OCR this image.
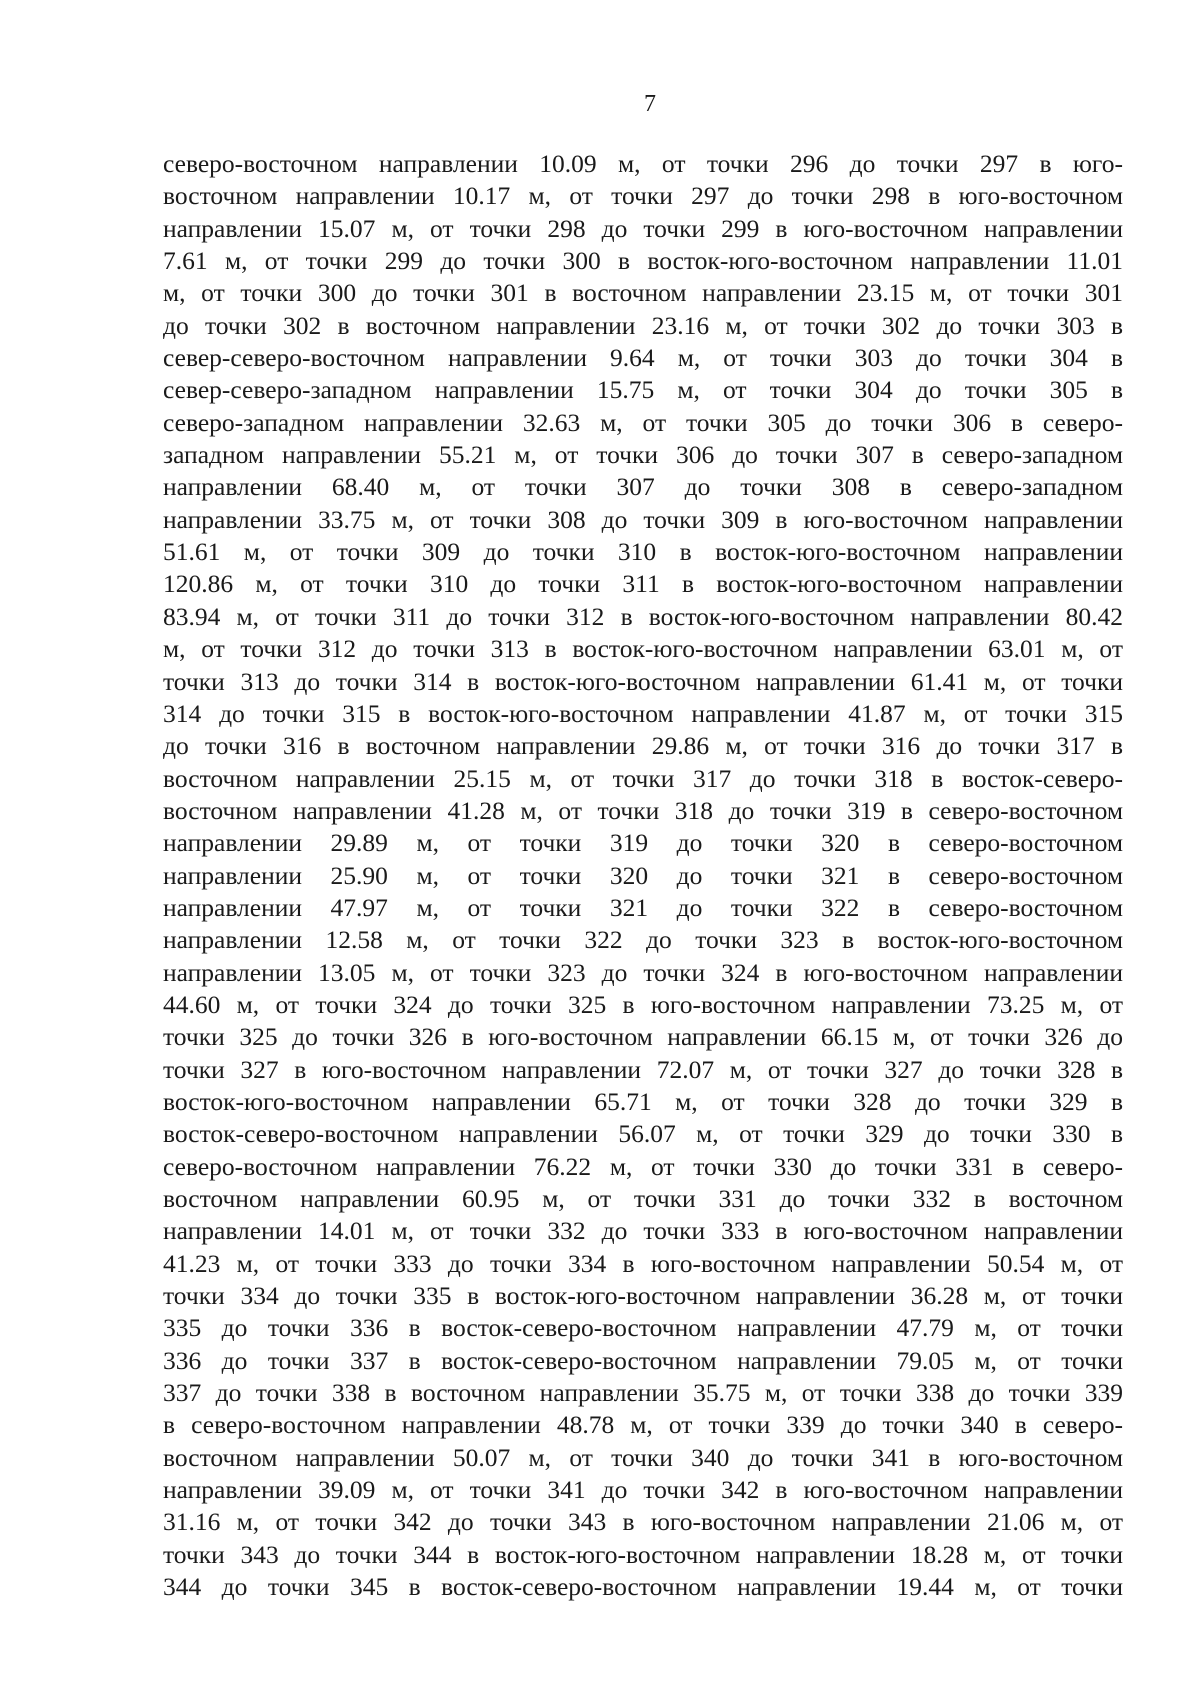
7
северо-восточном направлении 10.09 м, от точки 296 до точки 297 в юго-
восточном направлении 10.17 м, от точки 297 до точки 298 в юго-восточном
направлении 15.07 м, от точки 298 до точки 299 в юго-восточном направлении
7.61 м, от точки 299 до точки 300 в восток-юго-восточном направлении 11.01
м, от точки 300 до точки 301 в восточном направлении 23.15 м, от точки 301
до точки 302 в восточном направлении 23.16 м, от точки 302 до точки 303 в
север-северо-восточном направлении 9.64 м, от точки 303 до точки 304 в
север-северо-западном направлении 15.75 м, от точки 304 до точки 305 в
северо-западном направлении 32.63 м, от точки 305 до точки 306 в северо-
западном направлении 55.21 м, от точки 306 до точки 307 в северо-западном
направлении 68.40 м, от точки 307 до точки 308 в северо-западном
направлении 33.75 м, от точки 308 до точки 309 в юго-восточном направлении
51.61 м, от точки 309 до точки 310 в восток-юго-восточном направлении
120.86 м, от точки 310 до точки 311 в восток-юго-восточном направлении
83.94 м, от точки 311 до точки 312 в восток-юго-восточном направлении 80.42
м, от точки 312 до точки 313 в восток-юго-восточном направлении 63.01 м, от
точки 313 до точки 314 в восток-юго-восточном направлении 61.41 м, от точки
314 до точки 315 в восток-юго-восточном направлении 41.87 м, от точки 315
до точки 316 в восточном направлении 29.86 м, от точки 316 до точки 317 в
восточном направлении 25.15 м, от точки 317 до точки 318 в восток-северо-
восточном направлении 41.28 м, от точки 318 до точки 319 в северо-восточном
направлении 29.89 м, от точки 319 до точки 320 в северо-восточном
направлении 25.90 м, от точки 320 до точки 321 в северо-восточном
направлении 47.97 м, от точки 321 до точки 322 в северо-восточном
направлении 12.58 м, от точки 322 до точки 323 в восток-юго-восточном
направлении 13.05 м, от точки 323 до точки 324 в юго-восточном направлении
44.60 м, от точки 324 до точки 325 в юго-восточном направлении 73.25 м, от
точки 325 до точки 326 в юго-восточном направлении 66.15 м, от точки 326 до
точки 327 в юго-восточном направлении 72.07 м, от точки 327 до точки 328 в
восток-юго-восточном направлении 65.71 м, от точки 328 до точки 329 в
восток-северо-восточном направлении 56.07 м, от точки 329 до точки 330 в
северо-восточном направлении 76.22 м, от точки 330 до точки 331 в северо-
восточном направлении 60.95 м, от точки 331 до точки 332 в восточном
направлении 14.01 м, от точки 332 до точки 333 в юго-восточном направлении
41.23 м, от точки 333 до точки 334 в юго-восточном направлении 50.54 м, от
точки 334 до точки 335 в восток-юго-восточном направлении 36.28 м, от точки
335 до точки 336 в восток-северо-восточном направлении 47.79 м, от точки
336 до точки 337 в восток-северо-восточном направлении 79.05 м, от точки
337 до точки 338 в восточном направлении 35.75 м, от точки 338 до точки 339
в северо-восточном направлении 48.78 м, от точки 339 до точки 340 в северо-
восточном направлении 50.07 м, от точки 340 до точки 341 в юго-восточном
направлении 39.09 м, от точки 341 до точки 342 в юго-восточном направлении
31.16 м, от точки 342 до точки 343 в юго-восточном направлении 21.06 м, от
точки 343 до точки 344 в восток-юго-восточном направлении 18.28 м, от точки
344 до точки 345 в восток-северо-восточном направлении 19.44 м, от точки
